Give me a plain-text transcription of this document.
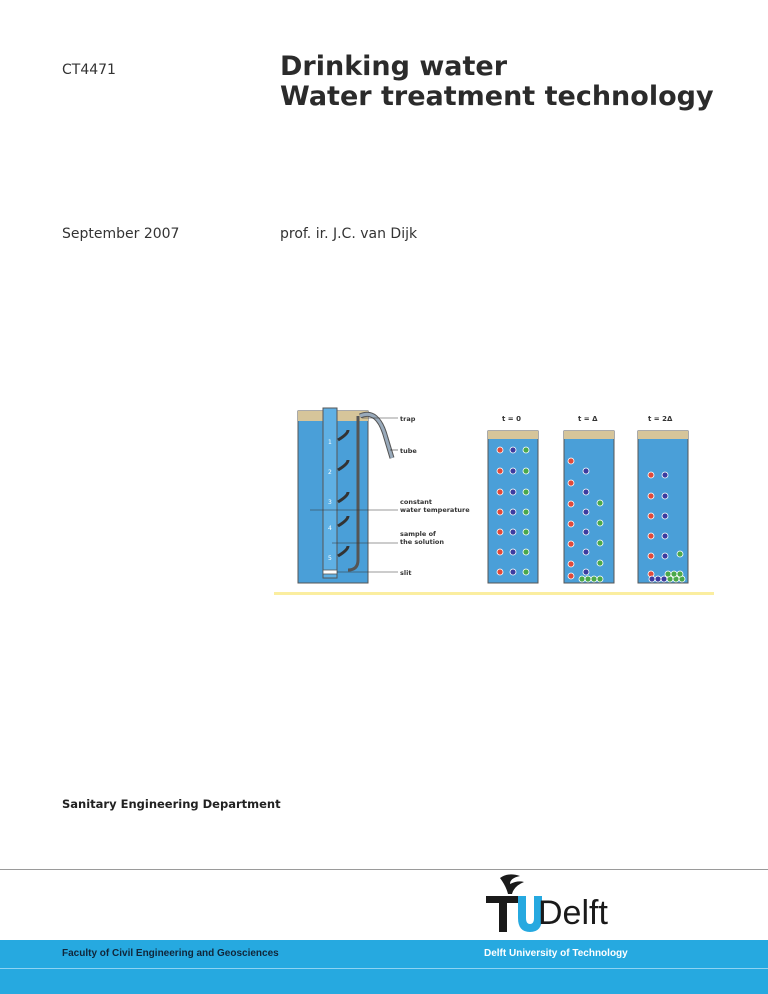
CT4471	Drinking water
Water treatment technology
September 2007	prof. ir. J.C. van Dijk
1
2
3
4
5
trap
tube
constant
water temperature
sample of
the solution
slit
t = 0	t = Δ	t = 2Δ
Sanitary Engineering Department
Delft
Faculty of Civil Engineering and Geosciences	Delft University of Technology
